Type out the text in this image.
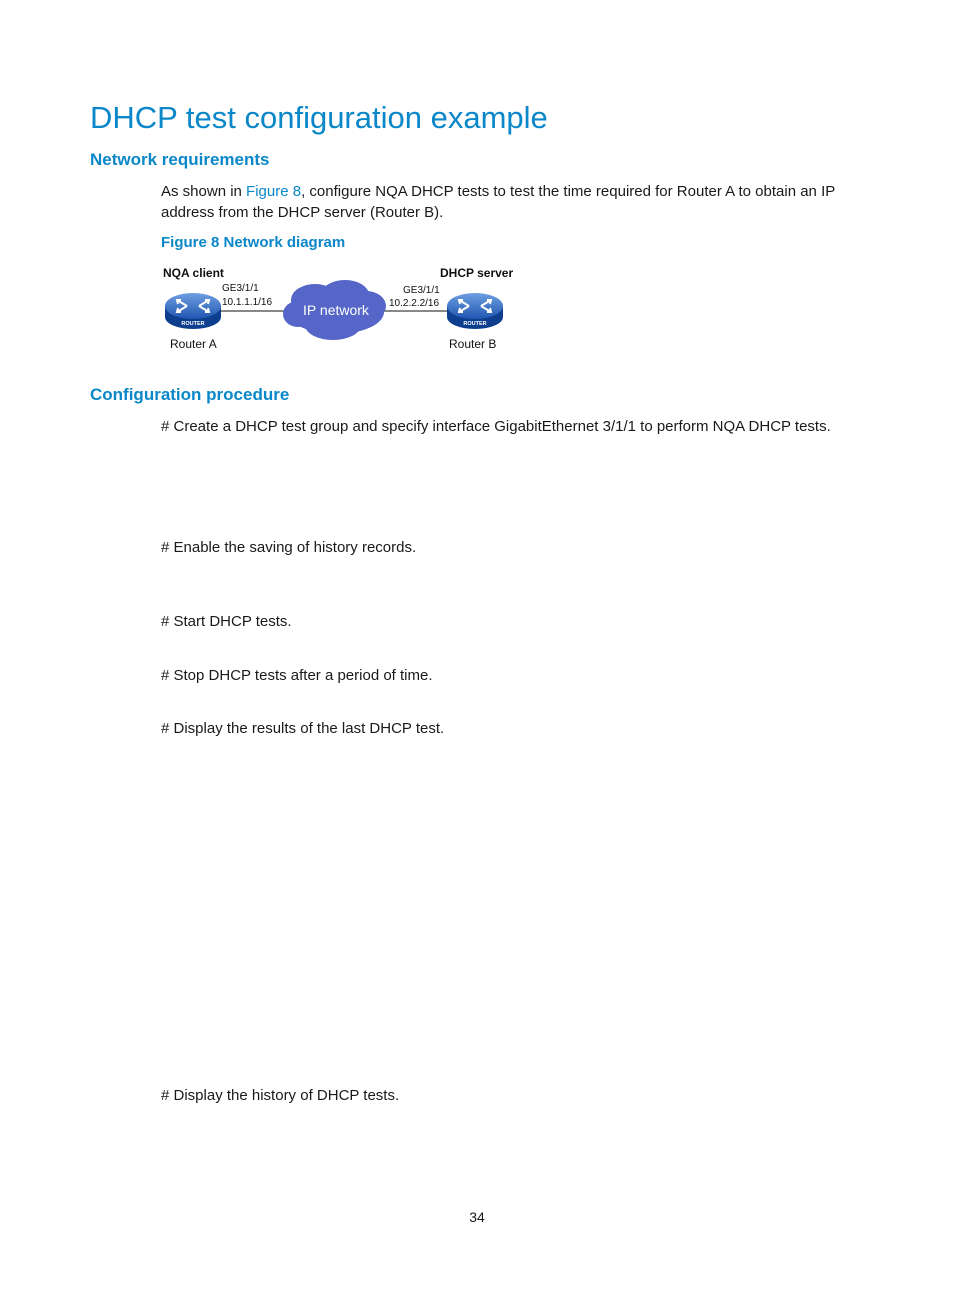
DHCP test configuration example
Network requirements
As shown in Figure 8, configure NQA DHCP tests to test the time required for Router A to obtain an IP address from the DHCP server (Router B).
Figure 8 Network diagram
NQA client	DHCP server
GE3/1/1
10.1.1.1/16
GE3/1/1
10.2.2.2/16
IP network
ROUTER	ROUTER
Router A	Router B
Configuration procedure
# Create a DHCP test group and specify interface GigabitEthernet 3/1/1 to perform NQA DHCP tests.
# Enable the saving of history records.
# Start DHCP tests.
# Stop DHCP tests after a period of time.
# Display the results of the last DHCP test.
# Display the history of DHCP tests.
34
